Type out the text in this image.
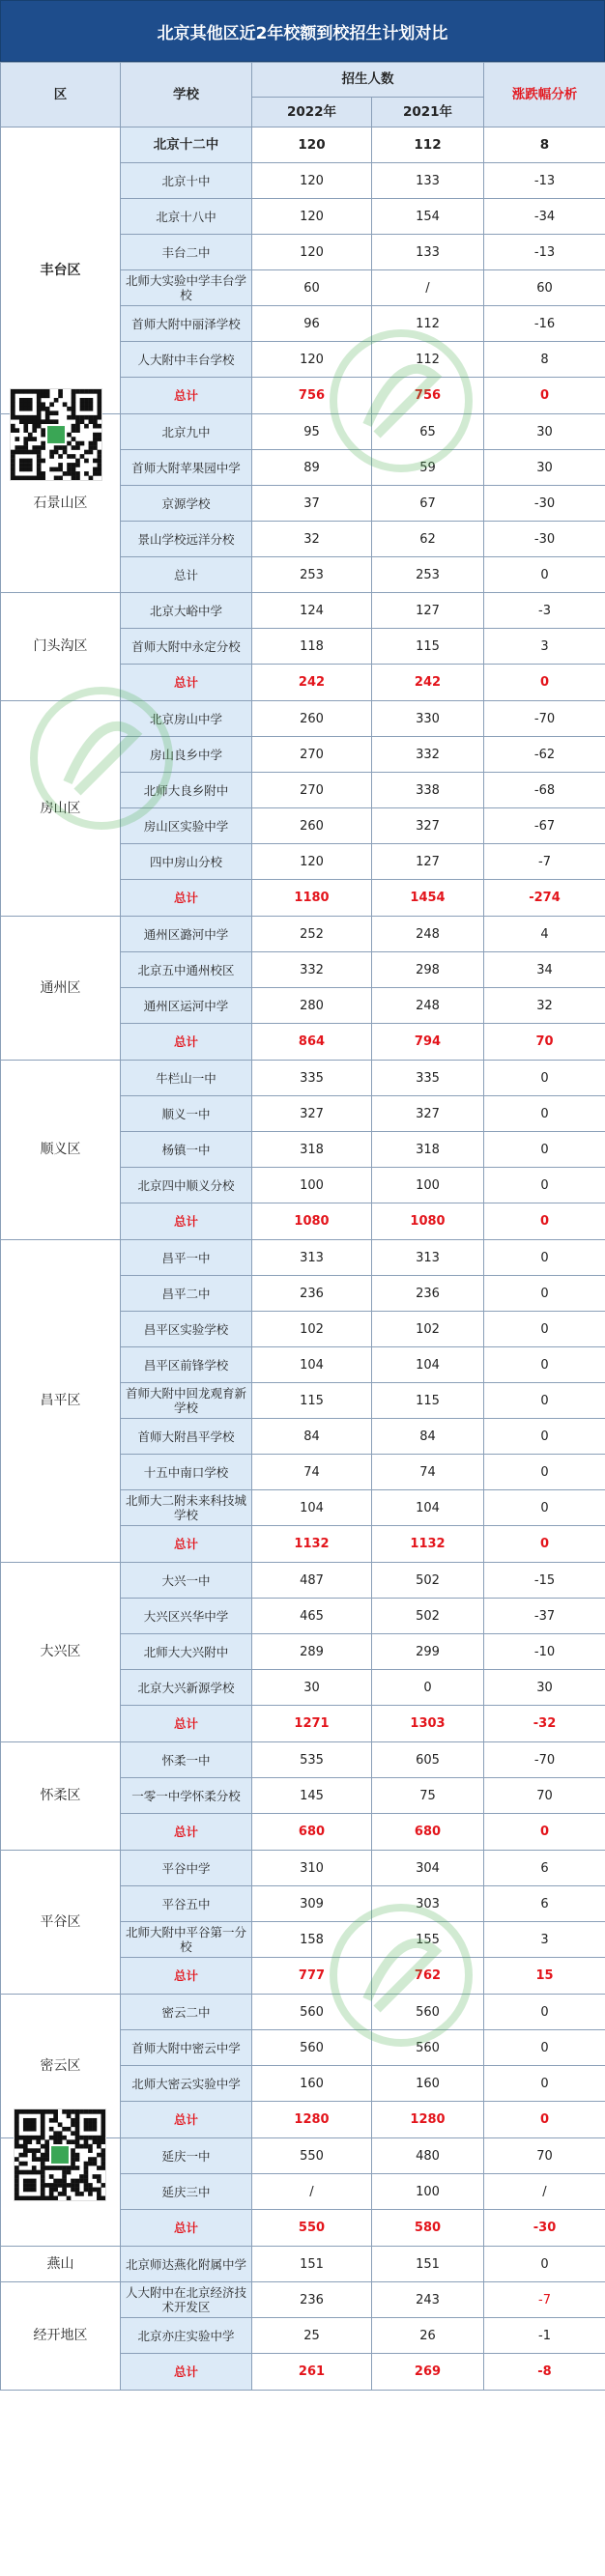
北京其他区近2年校额到校招生计划对比
区	学校	招生人数		涨跌幅分析
		2022年	2021年	
丰台区	北京十二中	120	112	8
	北京十中	120	133	-13
	北京十八中	120	154	-34
	丰台二中	120	133	-13
	北师大实验中学丰台学校	60	/	60
	首师大附中丽泽学校	96	112	-16
	人大附中丰台学校	120	112	8
	总计	756	756	0
石景山区	北京九中	95	65	30
	首师大附苹果园中学	89	59	30
	京源学校	37	67	-30
	景山学校远洋分校	32	62	-30
	总计	253	253	0
门头沟区	北京大峪中学	124	127	-3
	首师大附中永定分校	118	115	3
	总计	242	242	0
房山区	北京房山中学	260	330	-70
	房山良乡中学	270	332	-62
	北师大良乡附中	270	338	-68
	房山区实验中学	260	327	-67
	四中房山分校	120	127	-7
	总计	1180	1454	-274
通州区	通州区潞河中学	252	248	4
	北京五中通州校区	332	298	34
	通州区运河中学	280	248	32
	总计	864	794	70
顺义区	牛栏山一中	335	335	0
	顺义一中	327	327	0
	杨镇一中	318	318	0
	北京四中顺义分校	100	100	0
	总计	1080	1080	0
昌平区	昌平一中	313	313	0
	昌平二中	236	236	0
	昌平区实验学校	102	102	0
	昌平区前锋学校	104	104	0
	首师大附中回龙观育新学校	115	115	0
	首师大附昌平学校	84	84	0
	十五中南口学校	74	74	0
	北师大二附未来科技城学校	104	104	0
	总计	1132	1132	0
大兴区	大兴一中	487	502	-15
	大兴区兴华中学	465	502	-37
	北师大大兴附中	289	299	-10
	北京大兴新源学校	30	0	30
	总计	1271	1303	-32
怀柔区	怀柔一中	535	605	-70
	一零一中学怀柔分校	145	75	70
	总计	680	680	0
平谷区	平谷中学	310	304	6
	平谷五中	309	303	6
	北师大附中平谷第一分校	158	155	3
	总计	777	762	15
密云区	密云二中	560	560	0
	首师大附中密云中学	560	560	0
	北师大密云实验中学	160	160	0
	总计	1280	1280	0
	延庆一中	550	480	70
	延庆三中	/	100	/
	总计	550	580	-30
燕山	北京师达燕化附属中学	151	151	0
经开地区	人大附中在北京经济技术开发区	236	243	-7
	北京亦庄实验中学	25	26	-1
	总计	261	269	-8
